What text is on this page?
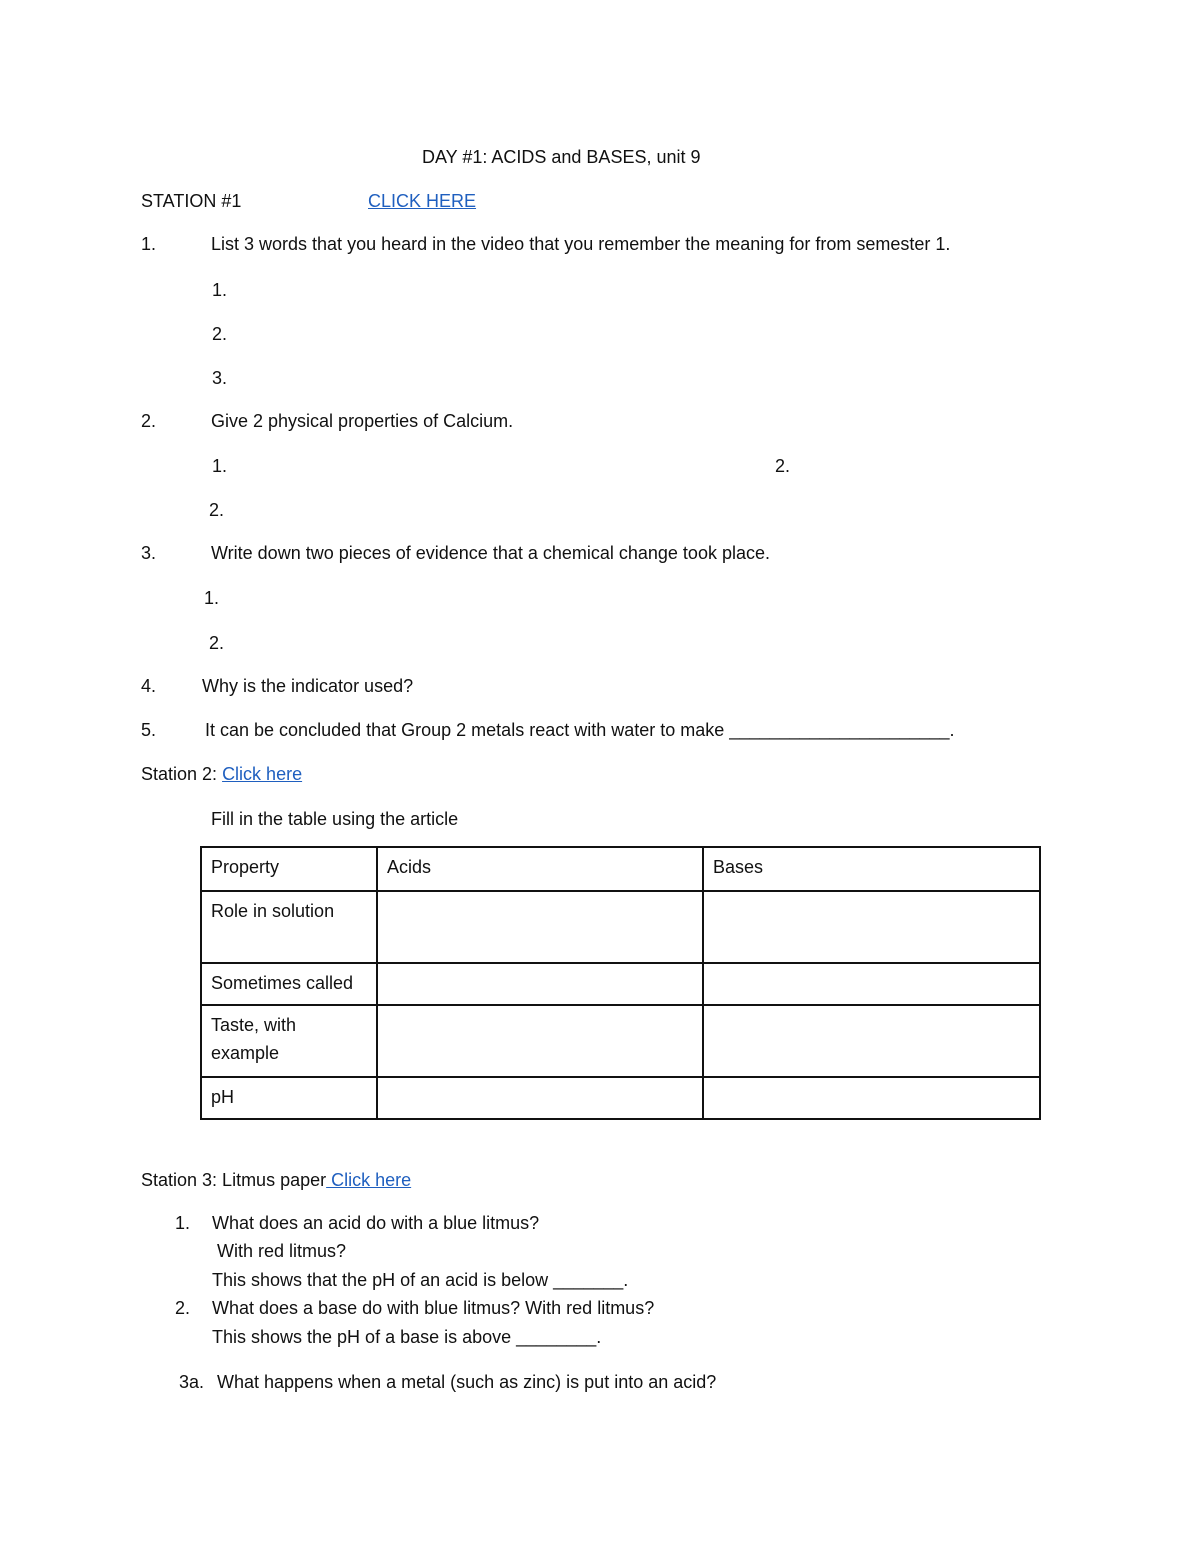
DAY #1: ACIDS and BASES, unit 9
STATION #1	CLICK HERE
1.	List 3 words that you heard in the video that you remember the meaning for from semester 1.
1.
2.
3.
2.	Give 2 physical properties of Calcium.
1.	2.
2.
3.	Write down two pieces of evidence that a chemical change took place.
1.
2.
4.	Why is the indicator used?
5.	It can be concluded that Group 2 metals react with water to make ______________________.
Station 2: Click here
Fill in the table using the article
Property	Acids	Bases
Role in solution		
Sometimes called		
Taste, with example		
pH		
Station 3: Litmus paper Click here
1. What does an acid do with a blue litmus?
With red litmus?
This shows that the pH of an acid is below _______.
2. What does a base do with blue litmus? With red litmus?
This shows the pH of a base is above ________.
3a. What happens when a metal (such as zinc) is put into an acid?
